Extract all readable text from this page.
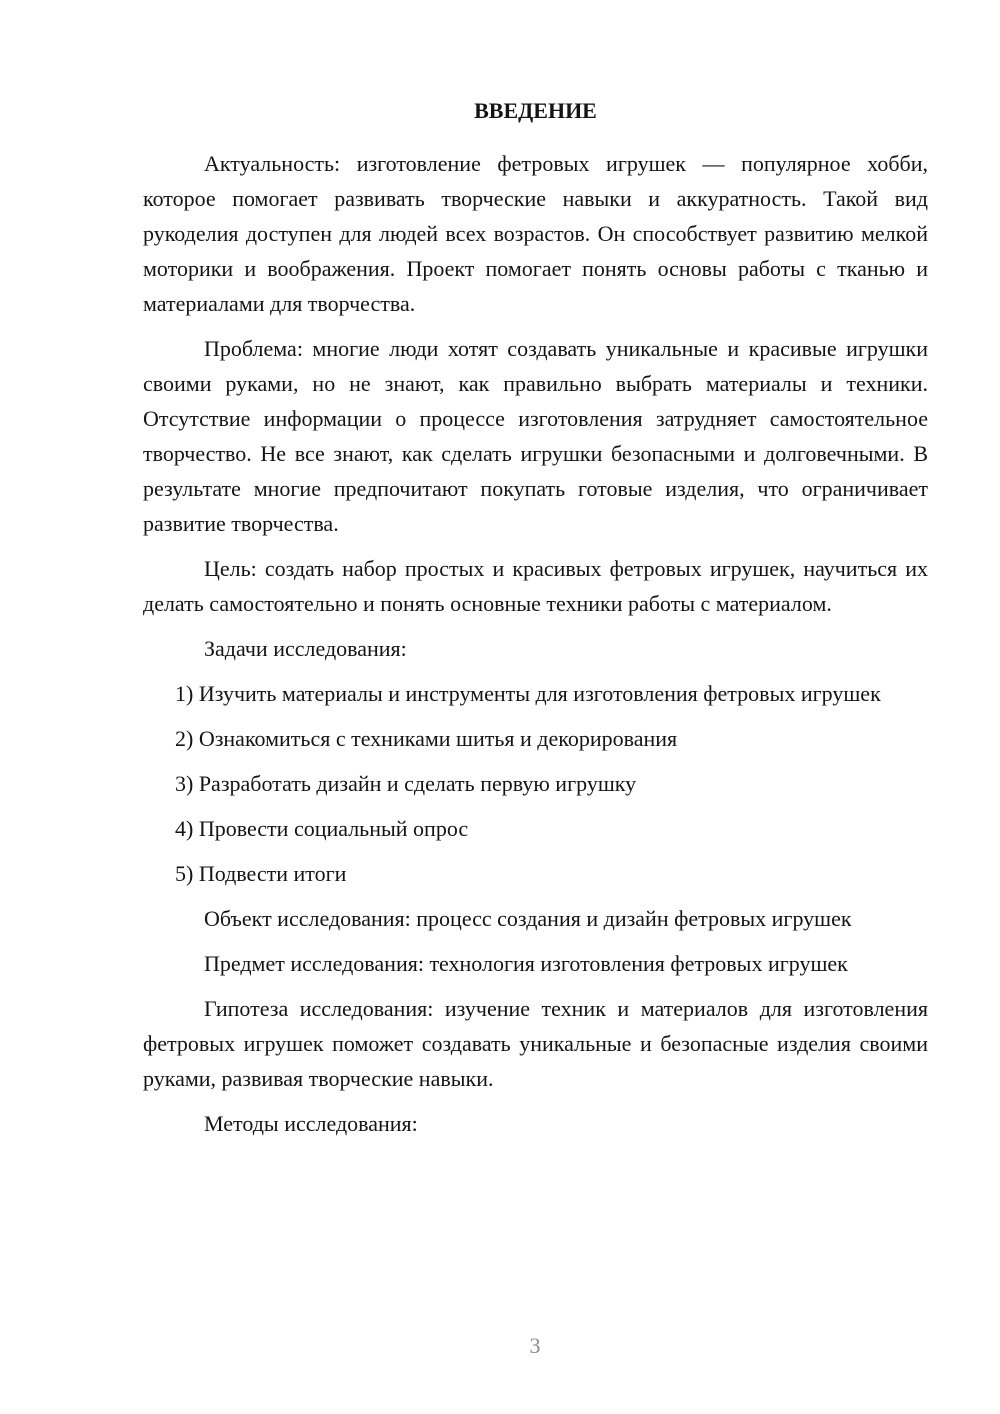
ВВЕДЕНИЕ

Актуальность: изготовление фетровых игрушек — популярное хобби, которое помогает развивать творческие навыки и аккуратность. Такой вид рукоделия доступен для людей всех возрастов. Он способствует развитию мелкой моторики и воображения. Проект помогает понять основы работы с тканью и материалами для творчества.

Проблема: многие люди хотят создавать уникальные и красивые игрушки своими руками, но не знают, как правильно выбрать материалы и техники. Отсутствие информации о процессе изготовления затрудняет самостоятельное творчество. Не все знают, как сделать игрушки безопасными и долговечными. В результате многие предпочитают покупать готовые изделия, что ограничивает развитие творчества.

Цель: создать набор простых и красивых фетровых игрушек, научиться их делать самостоятельно и понять основные техники работы с материалом.

Задачи исследования:

1) Изучить материалы и инструменты для изготовления фетровых игрушек

2) Ознакомиться с техниками шитья и декорирования

3) Разработать дизайн и сделать первую игрушку

4) Провести социальный опрос

5) Подвести итоги

Объект исследования: процесс создания и дизайн фетровых игрушек

Предмет исследования: технология изготовления фетровых игрушек

Гипотеза исследования: изучение техник и материалов для изготовления фетровых игрушек поможет создавать уникальные и безопасные изделия своими руками, развивая творческие навыки.

Методы исследования:

3
